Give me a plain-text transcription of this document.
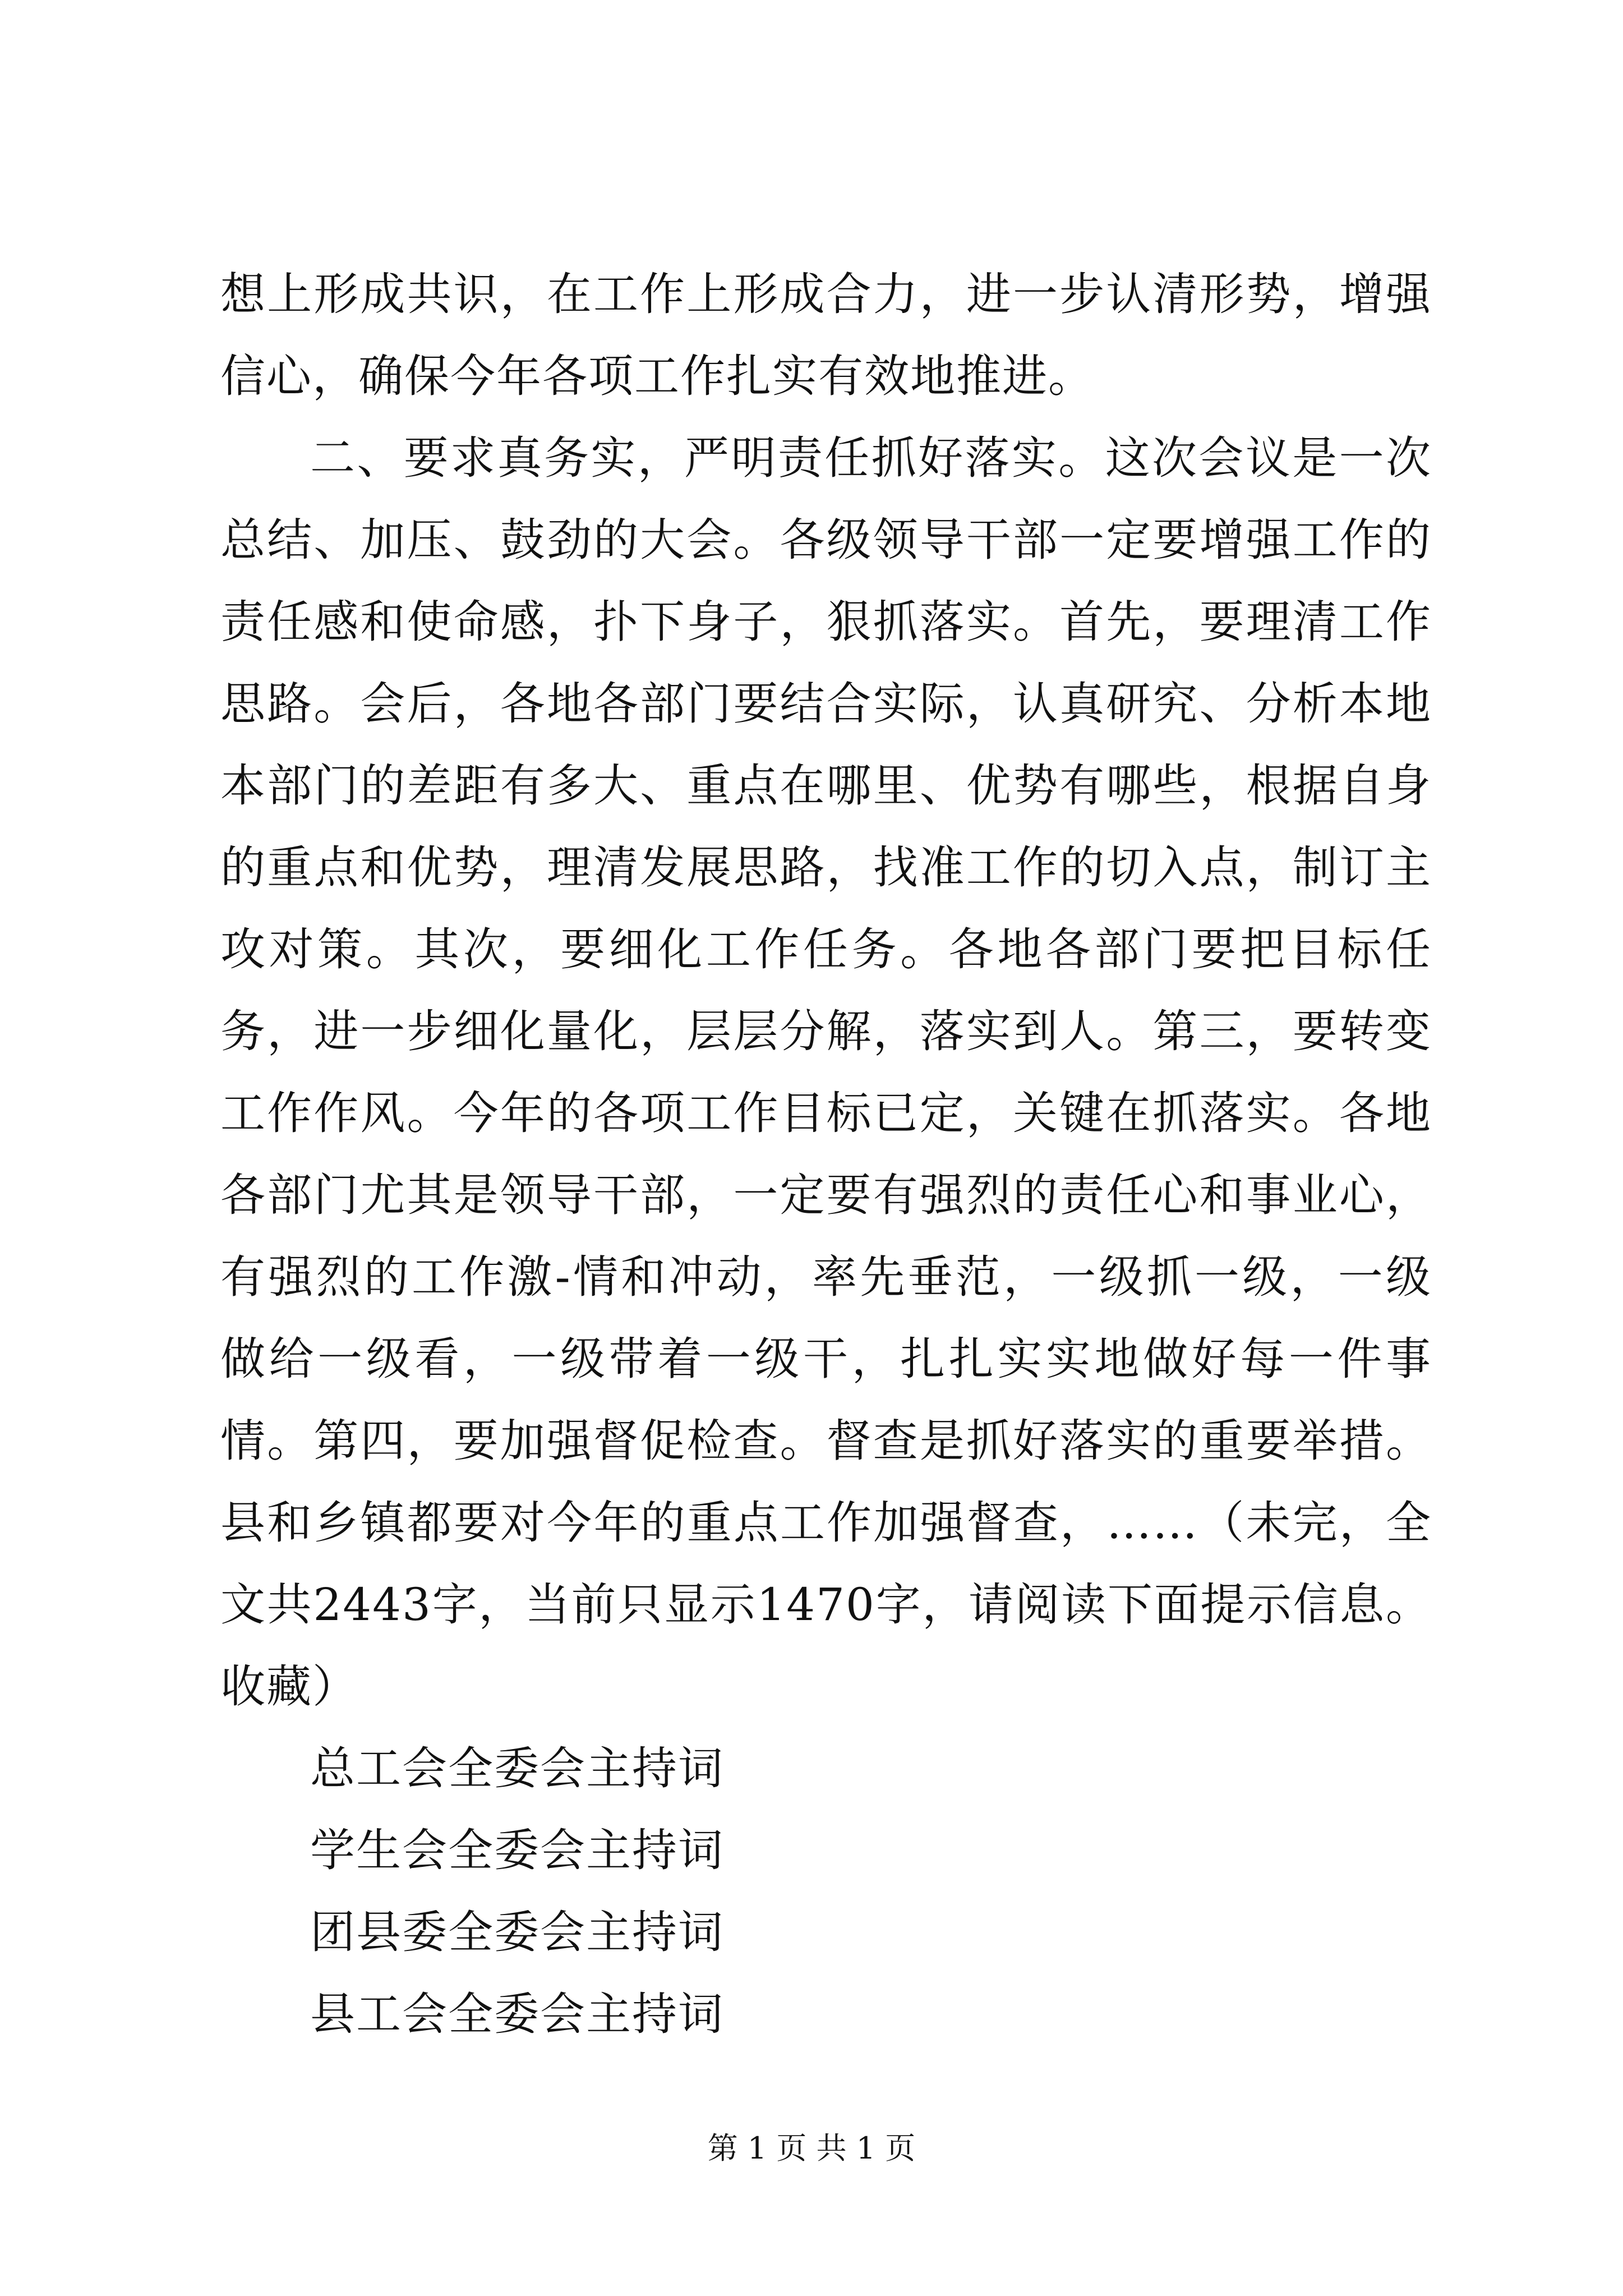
想上形成共识，在工作上形成合力，进一步认清形势，增强信心，确保今年各项工作扎实有效地推进。

二、要求真务实，严明责任抓好落实。这次会议是一次总结、加压、鼓劲的大会。各级领导干部一定要增强工作的责任感和使命感，扑下身子，狠抓落实。首先，要理清工作思路。会后，各地各部门要结合实际，认真研究、分析本地本部门的差距有多大、重点在哪里、优势有哪些，根据自身的重点和优势，理清发展思路，找准工作的切入点，制订主攻对策。其次，要细化工作任务。各地各部门要把目标任务，进一步细化量化，层层分解，落实到人。第三，要转变工作作风。今年的各项工作目标已定，关键在抓落实。各地各部门尤其是领导干部，一定要有强烈的责任心和事业心，有强烈的工作激-情和冲动，率先垂范，一级抓一级，一级做给一级看，一级带着一级干，扎扎实实地做好每一件事情。第四，要加强督促检查。督查是抓好落实的重要举措。县和乡镇都要对今年的重点工作加强督查，……（未完，全文共2443字，当前只显示1470字，请阅读下面提示信息。收藏）

总工会全委会主持词
学生会全委会主持词
团县委全委会主持词
县工会全委会主持词
第 1 页 共 1 页
